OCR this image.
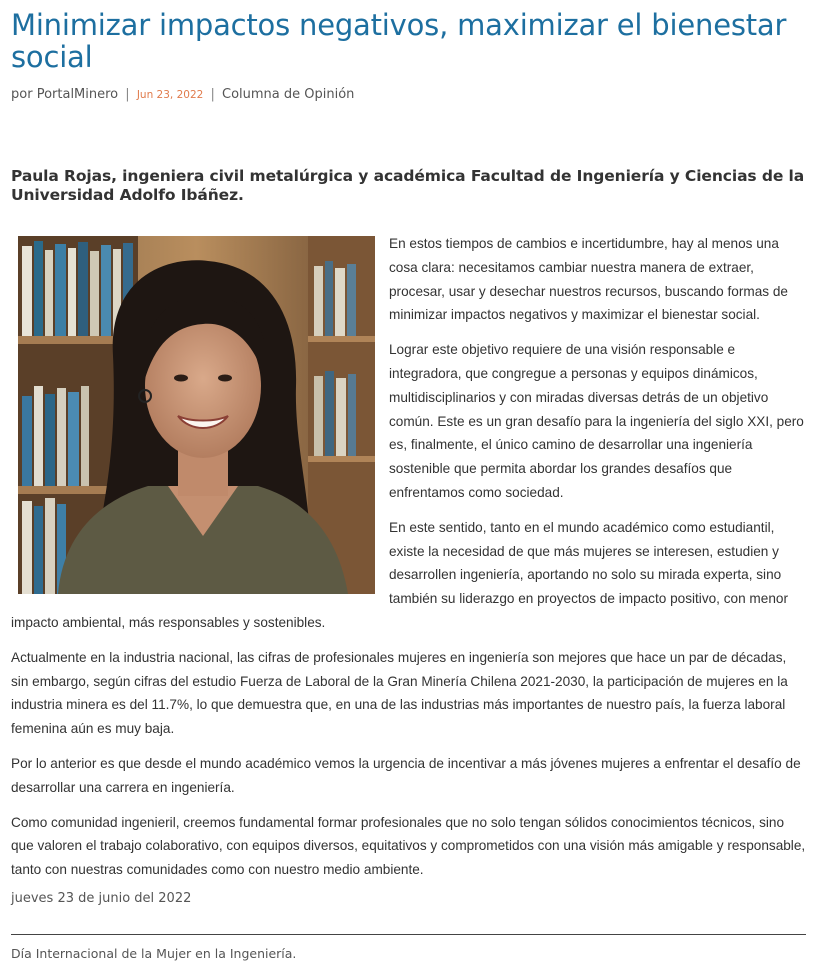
Minimizar impactos negativos, maximizar el bienestar social
por PortalMinero | Jun 23, 2022 | Columna de Opinión
Paula Rojas, ingeniera civil metalúrgica y académica Facultad de Ingeniería y Ciencias de la Universidad Adolfo Ibáñez.

En estos tiempos de cambios e incertidumbre, hay al menos una cosa clara: necesitamos cambiar nuestra manera de extraer, procesar, usar y desechar nuestros recursos, buscando formas de minimizar impactos negativos y maximizar el bienestar social.

Lograr este objetivo requiere de una visión responsable e integradora, que congregue a personas y equipos dinámicos, multidisciplinarios y con miradas diversas detrás de un objetivo común. Este es un gran desafío para la ingeniería del siglo XXI, pero es, finalmente, el único camino de desarrollar una ingeniería sostenible que permita abordar los grandes desafíos que enfrentamos como sociedad.

En este sentido, tanto en el mundo académico como estudiantil, existe la necesidad de que más mujeres se interesen, estudien y desarrollen ingeniería, aportando no solo su mirada experta, sino también su liderazgo en proyectos de impacto positivo, con menor impacto ambiental, más responsables y sostenibles.

Actualmente en la industria nacional, las cifras de profesionales mujeres en ingeniería son mejores que hace un par de décadas, sin embargo, según cifras del estudio Fuerza de Laboral de la Gran Minería Chilena 2021-2030, la participación de mujeres en la industria minera es del 11.7%, lo que demuestra que, en una de las industrias más importantes de nuestro país, la fuerza laboral femenina aún es muy baja.

Por lo anterior es que desde el mundo académico vemos la urgencia de incentivar a más jóvenes mujeres a enfrentar el desafío de desarrollar una carrera en ingeniería.

Como comunidad ingenieril, creemos fundamental formar profesionales que no solo tengan sólidos conocimientos técnicos, sino que valoren el trabajo colaborativo, con equipos diversos, equitativos y comprometidos con una visión más amigable y responsable, tanto con nuestras comunidades como con nuestro medio ambiente.

jueves 23 de junio del 2022
Día Internacional de la Mujer en la Ingeniería.
